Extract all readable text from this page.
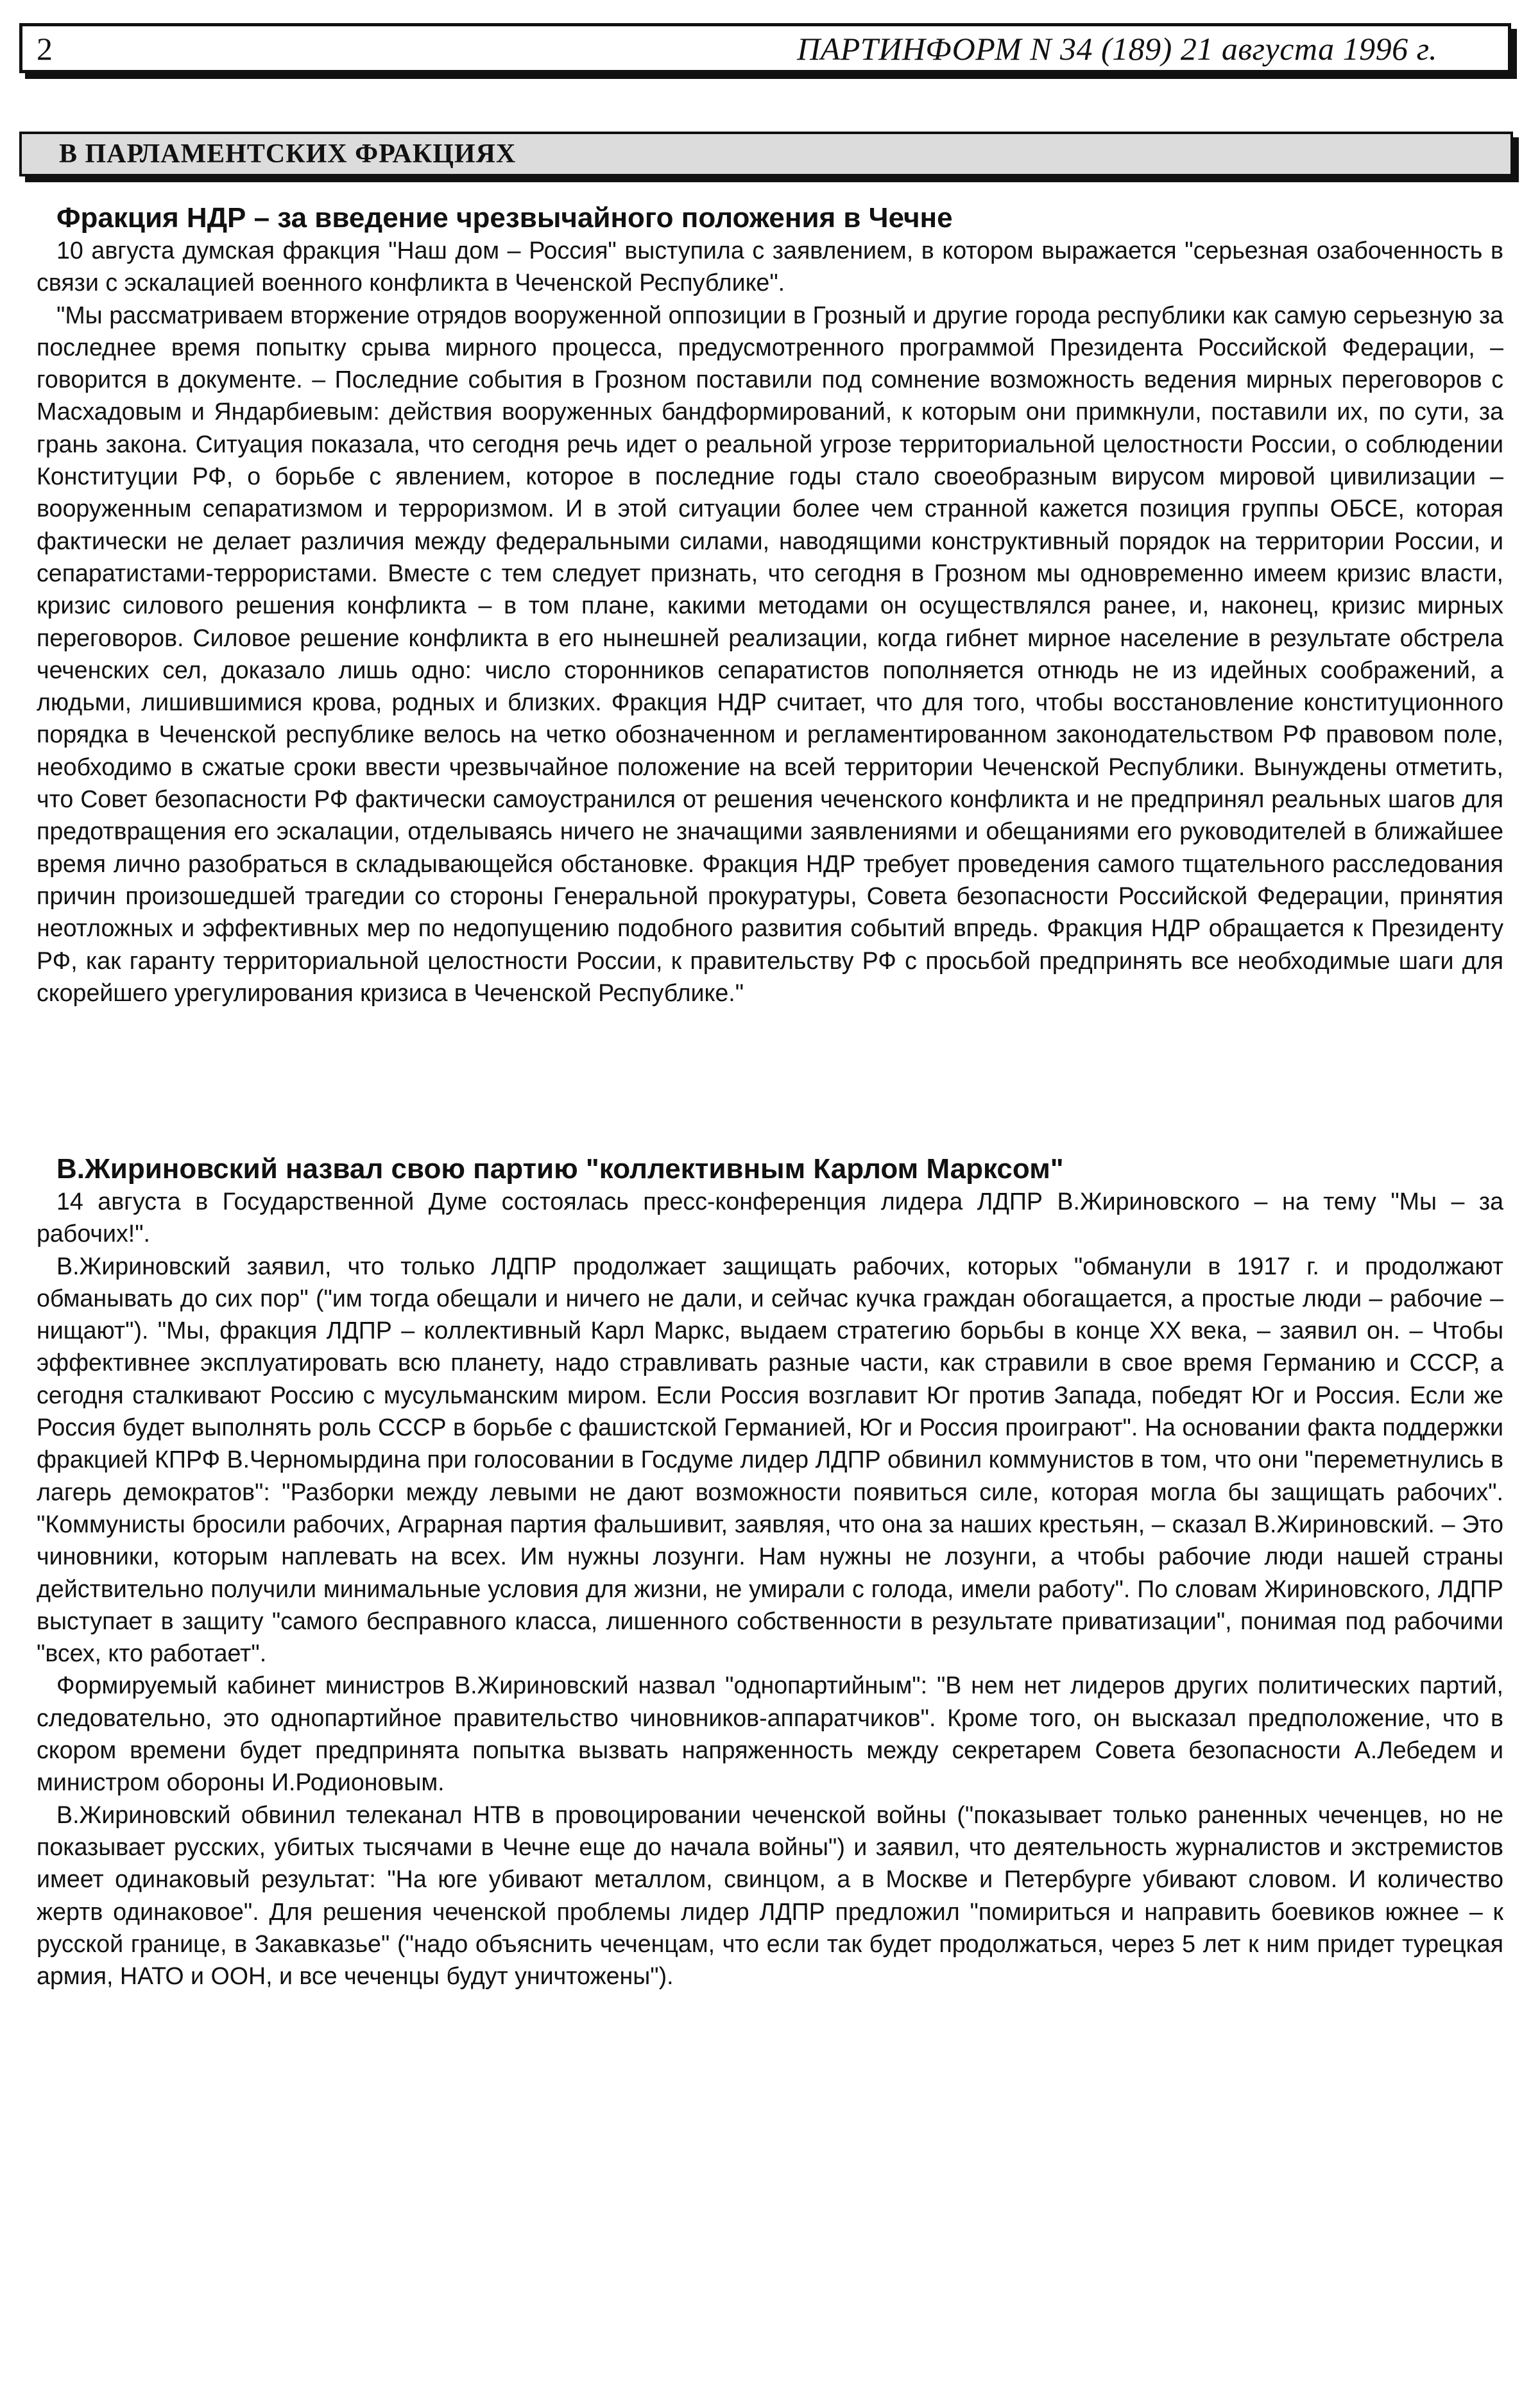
2	ПАРТИНФОРМ N 34 (189) 21 августа 1996 г.
В ПАРЛАМЕНТСКИХ ФРАКЦИЯХ
Фракция НДР – за введение чрезвычайного положения в Чечне

10 августа думская фракция "Наш дом – Россия" выступила с заявлением, в котором выражается "серьезная озабоченность в связи с эскалацией военного конфликта в Чеченской Республике".

"Мы рассматриваем вторжение отрядов вооруженной оппозиции в Грозный и другие города республики как самую серьезную за последнее время попытку срыва мирного процесса, предусмотренного программой Президента Российской Федерации, – говорится в документе. – Последние события в Грозном поставили под сомнение возможность ведения мирных переговоров с Масхадовым и Яндарбиевым: действия вооруженных бандформирований, к которым они примкнули, поставили их, по сути, за грань закона. Ситуация показала, что сегодня речь идет о реальной угрозе территориальной целостности России, о соблюдении Конституции РФ, о борьбе с явлением, которое в последние годы стало своеобразным вирусом мировой цивилизации – вооруженным сепаратизмом и терроризмом. И в этой ситуации более чем странной кажется позиция группы ОБСЕ, которая фактически не делает различия между федеральными силами, наводящими конструктивный порядок на территории России, и сепаратистами-террористами. Вместе с тем следует признать, что сегодня в Грозном мы одновременно имеем кризис власти, кризис силового решения конфликта – в том плане, какими методами он осуществлялся ранее, и, наконец, кризис мирных переговоров. Силовое решение конфликта в его нынешней реализации, когда гибнет мирное население в результате обстрела чеченских сел, доказало лишь одно: число сторонников сепаратистов пополняется отнюдь не из идейных соображений, а людьми, лишившимися крова, родных и близких. Фракция НДР считает, что для того, чтобы восстановление конституционного порядка в Чеченской республике велось на четко обозначенном и регламентированном законодательством РФ правовом поле, необходимо в сжатые сроки ввести чрезвычайное положение на всей территории Чеченской Республики. Вынуждены отметить, что Совет безопасности РФ фактически самоустранился от решения чеченского конфликта и не предпринял реальных шагов для предотвращения его эскалации, отделываясь ничего не значащими заявлениями и обещаниями его руководителей в ближайшее время лично разобраться в складывающейся обстановке. Фракция НДР требует проведения самого тщательного расследования причин произошедшей трагедии со стороны Генеральной прокуратуры, Совета безопасности Российской Федерации, принятия неотложных и эффективных мер по недопущению подобного развития событий впредь. Фракция НДР обращается к Президенту РФ, как гаранту территориальной целостности России, к правительству РФ с просьбой предпринять все необходимые шаги для скорейшего урегулирования кризиса в Чеченской Республике."

В.Жириновский назвал свою партию "коллективным Карлом Марксом"

14 августа в Государственной Думе состоялась пресс-конференция лидера ЛДПР В.Жириновского – на тему "Мы – за рабочих!".

В.Жириновский заявил, что только ЛДПР продолжает защищать рабочих, которых "обманули в 1917 г. и продолжают обманывать до сих пор" ("им тогда обещали и ничего не дали, и сейчас кучка граждан обогащается, а простые люди – рабочие – нищают"). "Мы, фракция ЛДПР – коллективный Карл Маркс, выдаем стратегию борьбы в конце XX века, – заявил он. – Чтобы эффективнее эксплуатировать всю планету, надо стравливать разные части, как стравили в свое время Германию и СССР, а сегодня сталкивают Россию с мусульманским миром. Если Россия возглавит Юг против Запада, победят Юг и Россия. Если же Россия будет выполнять роль СССР в борьбе с фашистской Германией, Юг и Россия проиграют". На основании факта поддержки фракцией КПРФ В.Черномырдина при голосовании в Госдуме лидер ЛДПР обвинил коммунистов в том, что они "переметнулись в лагерь демократов": "Разборки между левыми не дают возможности появиться силе, которая могла бы защищать рабочих". "Коммунисты бросили рабочих, Аграрная партия фальшивит, заявляя, что она за наших крестьян, – сказал В.Жириновский. – Это чиновники, которым наплевать на всех. Им нужны лозунги. Нам нужны не лозунги, а чтобы рабочие люди нашей страны действительно получили минимальные условия для жизни, не умирали с голода, имели работу". По словам Жириновского, ЛДПР выступает в защиту "самого бесправного класса, лишенного собственности в результате приватизации", понимая под рабочими "всех, кто работает".

Формируемый кабинет министров В.Жириновский назвал "однопартийным": "В нем нет лидеров других политических партий, следовательно, это однопартийное правительство чиновников-аппаратчиков". Кроме того, он высказал предположение, что в скором времени будет предпринята попытка вызвать напряженность между секретарем Совета безопасности А.Лебедем и министром обороны И.Родионовым.

В.Жириновский обвинил телеканал НТВ в провоцировании чеченской войны ("показывает только раненных чеченцев, но не показывает русских, убитых тысячами в Чечне еще до начала войны") и заявил, что деятельность журналистов и экстремистов имеет одинаковый результат: "На юге убивают металлом, свинцом, а в Москве и Петербурге убивают словом. И количество жертв одинаковое". Для решения чеченской проблемы лидер ЛДПР предложил "помириться и направить боевиков южнее – к русской границе, в Закавказье" ("надо объяснить чеченцам, что если так будет продолжаться, через 5 лет к ним придет турецкая армия, НАТО и ООН, и все чеченцы будут уничтожены").
